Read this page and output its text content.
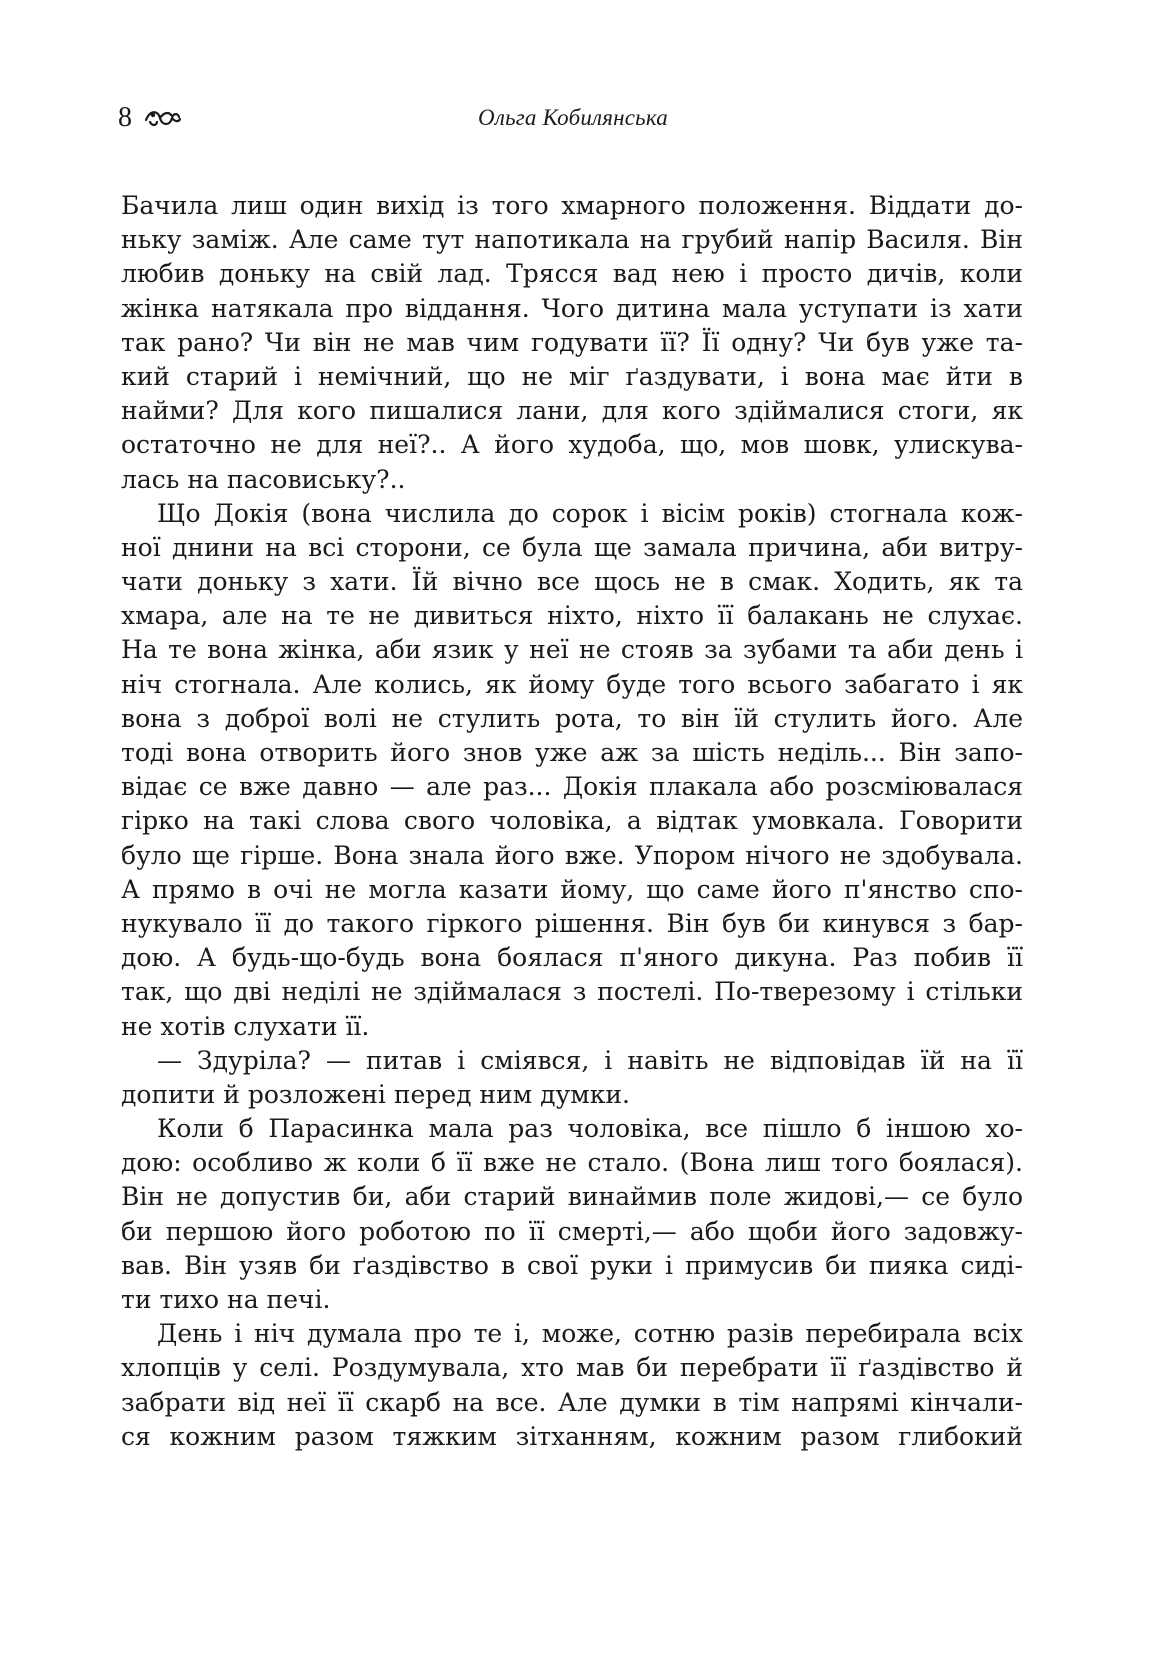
8	Ольга Кобилянська
Бачила лиш один вихід із того хмарного положення. Віддати до-
ньку заміж. Але саме тут напотикала на грубий напір Василя. Він
любив доньку на свій лад. Трясся вад нею і просто дичів, коли
жінка натякала про віддання. Чого дитина мала уступати із хати
так рано? Чи він не мав чим годувати її? Її одну? Чи був уже та-
кий старий і немічний, що не міг ґаздувати, і вона має йти в
найми? Для кого пишалися лани, для кого здіймалися стоги, як
остаточно не для неї?.. А його худоба, що, мов шовк, улискува-
лась на пасовиську?..
Що Докія (вона числила до сорок і вісім років) стогнала кож-
ної днини на всі сторони, се була ще замала причина, аби витру-
чати доньку з хати. Їй вічно все щось не в смак. Ходить, як та
хмара, але на те не дивиться ніхто, ніхто її балакань не слухає.
На те вона жінка, аби язик у неї не стояв за зубами та аби день і
ніч стогнала. Але колись, як йому буде того всього забагато і як
вона з доброї волі не стулить рота, то він їй стулить його. Але
тоді вона отворить його знов уже аж за шість неділь... Він запо-
відає се вже давно — але раз... Докія плакала або розсміювалася
гірко на такі слова свого чоловіка, а відтак умовкала. Говорити
було ще гірше. Вона знала його вже. Упором нічого не здобувала.
А прямо в очі не могла казати йому, що саме його п'янство спо-
нукувало її до такого гіркого рішення. Він був би кинувся з бар-
дою. А будь-що-будь вона боялася п'яного дикуна. Раз побив її
так, що дві неділі не здіймалася з постелі. По-тверезому і стільки
не хотів слухати її.
— Здуріла? — питав і сміявся, і навіть не відповідав їй на її
допити й розложені перед ним думки.
Коли б Парасинка мала раз чоловіка, все пішло б іншою хо-
дою: особливо ж коли б її вже не стало. (Вона лиш того боялася).
Він не допустив би, аби старий винаймив поле жидові,— се було
би першою його роботою по її смерті,— або щоби його задовжу-
вав. Він узяв би ґаздівство в свої руки і примусив би пияка сиді-
ти тихо на печі.
День і ніч думала про те і, може, сотню разів перебирала всіх
хлопців у селі. Роздумувала, хто мав би перебрати її ґаздівство й
забрати від неї її скарб на все. Але думки в тім напрямі кінчали-
ся кожним разом тяжким зітханням, кожним разом глибокий
